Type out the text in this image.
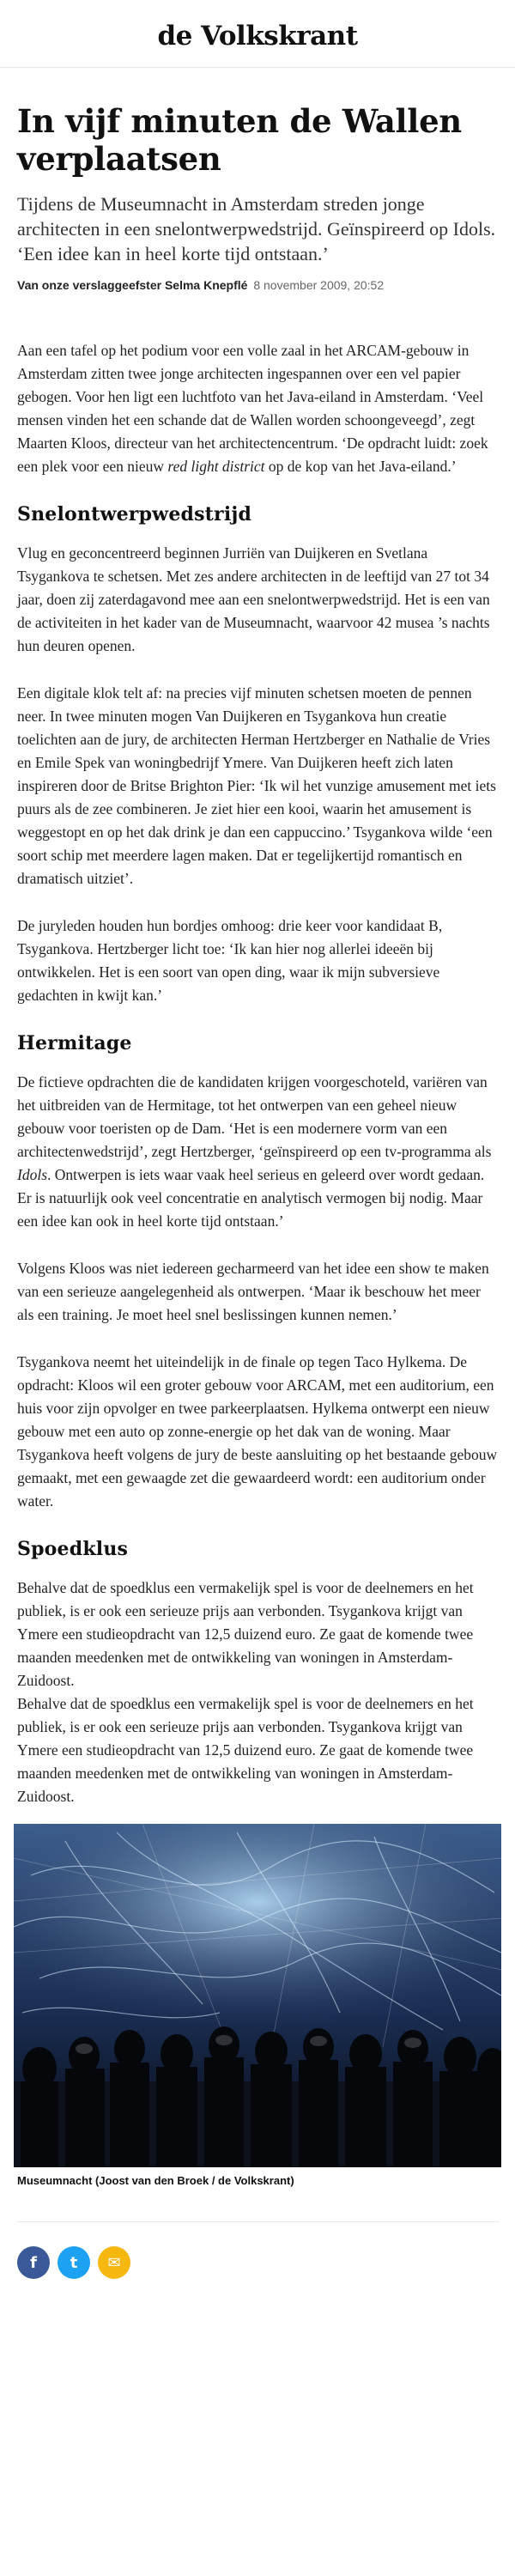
de Volkskrant
In vijf minuten de Wallen verplaatsen

Tijdens de Museumnacht in Amsterdam streden jonge architecten in een snelontwerpwedstrijd. Geïnspireerd op Idols. ‘Een idee kan in heel korte tijd ontstaan.’

Van onze verslaggeefster Selma Knepflé 8 november 2009, 20:52

Aan een tafel op het podium voor een volle zaal in het ARCAM-gebouw in Amsterdam zitten twee jonge architecten ingespannen over een vel papier gebogen. Voor hen ligt een luchtfoto van het Java-eiland in Amsterdam. ‘Veel mensen vinden het een schande dat de Wallen worden schoongeveegd’, zegt Maarten Kloos, directeur van het architectencentrum. ‘De opdracht luidt: zoek een plek voor een nieuw red light district op de kop van het Java-eiland.’

Snelontwerpwedstrijd

Vlug en geconcentreerd beginnen Jurriën van Duijkeren en Svetlana Tsygankova te schetsen. Met zes andere architecten in de leeftijd van 27 tot 34 jaar, doen zij zaterdagavond mee aan een snelontwerpwedstrijd. Het is een van de activiteiten in het kader van de Museumnacht, waarvoor 42 musea ’s nachts hun deuren openen.

Een digitale klok telt af: na precies vijf minuten schetsen moeten de pennen neer. In twee minuten mogen Van Duijkeren en Tsygankova hun creatie toelichten aan de jury, de architecten Herman Hertzberger en Nathalie de Vries en Emile Spek van woningbedrijf Ymere. Van Duijkeren heeft zich laten inspireren door de Britse Brighton Pier: ‘Ik wil het vunzige amusement met iets puurs als de zee combineren. Je ziet hier een kooi, waarin het amusement is weggestopt en op het dak drink je dan een cappuccino.’ Tsygankova wilde ‘een soort schip met meerdere lagen maken. Dat er tegelijkertijd romantisch en dramatisch uitziet’.

De juryleden houden hun bordjes omhoog: drie keer voor kandidaat B, Tsygankova. Hertzberger licht toe: ‘Ik kan hier nog allerlei ideeën bij ontwikkelen. Het is een soort van open ding, waar ik mijn subversieve gedachten in kwijt kan.’

Hermitage

De fictieve opdrachten die de kandidaten krijgen voorgeschoteld, variëren van het uitbreiden van de Hermitage, tot het ontwerpen van een geheel nieuw gebouw voor toeristen op de Dam. ‘Het is een modernere vorm van een architectenwedstrijd’, zegt Hertzberger, ‘geïnspireerd op een tv-programma als Idols. Ontwerpen is iets waar vaak heel serieus en geleerd over wordt gedaan. Er is natuurlijk ook veel concentratie en analytisch vermogen bij nodig. Maar een idee kan ook in heel korte tijd ontstaan.’

Volgens Kloos was niet iedereen gecharmeerd van het idee een show te maken van een serieuze aangelegenheid als ontwerpen. ‘Maar ik beschouw het meer als een training. Je moet heel snel beslissingen kunnen nemen.’

Tsygankova neemt het uiteindelijk in de finale op tegen Taco Hylkema. De opdracht: Kloos wil een groter gebouw voor ARCAM, met een auditorium, een huis voor zijn opvolger en twee parkeerplaatsen. Hylkema ontwerpt een nieuw gebouw met een auto op zonne-energie op het dak van de woning. Maar Tsygankova heeft volgens de jury de beste aansluiting op het bestaande gebouw gemaakt, met een gewaagde zet die gewaardeerd wordt: een auditorium onder water.

Spoedklus

Behalve dat de spoedklus een vermakelijk spel is voor de deelnemers en het publiek, is er ook een serieuze prijs aan verbonden. Tsygankova krijgt van Ymere een studieopdracht van 12,5 duizend euro. Ze gaat de komende twee maanden meedenken met de ontwikkeling van woningen in Amsterdam-Zuidoost.

Behalve dat de spoedklus een vermakelijk spel is voor de deelnemers en het publiek, is er ook een serieuze prijs aan verbonden. Tsygankova krijgt van Ymere een studieopdracht van 12,5 duizend euro. Ze gaat de komende twee maanden meedenken met de ontwikkeling van woningen in Amsterdam-Zuidoost.

Museumnacht (Joost van den Broek / de Volkskrant)

f t ✉
